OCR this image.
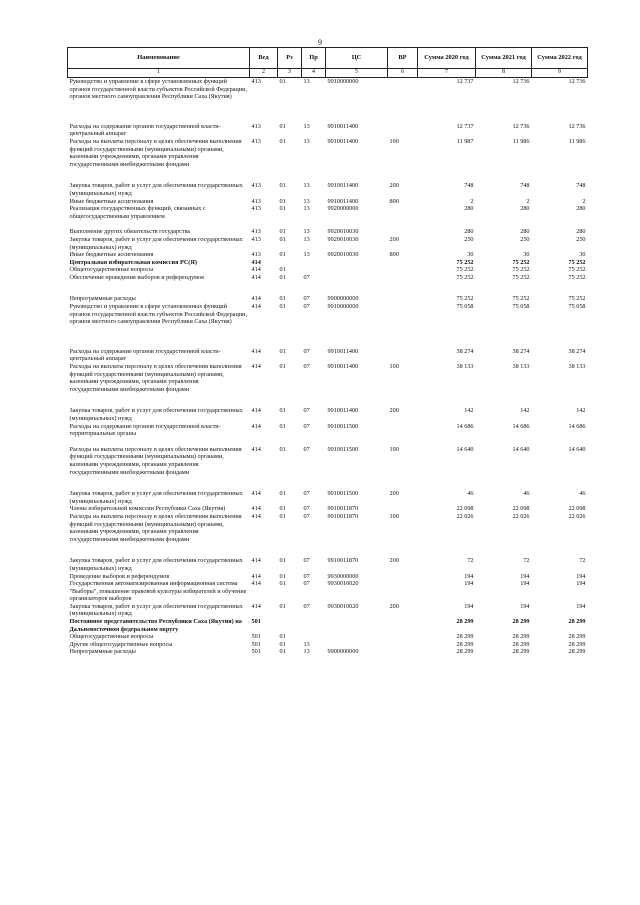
9
Наименование	Вед	Рз	Пр	ЦС	ВР	Сумма 2020 год	Сумма 2021 год	Сумма 2022 год
1	2	3	4	5	6	7	8	9
Руководство и управление в сфере установленных функций органов государственной власти субъектов Российской Федерации, органов местного самоуправления Республики Саха (Якутия)	413	01	13	9910000000		12 737	12 736	12 736

Расходы на содержание органов государственной власти- центральный аппарат	413	01	13	9910011400		12 737	12 736	12 736
Расходы на выплаты персоналу в целях обеспечения выполнения функций государственными (муниципальными) органами, казенными учреждениями, органами управления государственными внебюджетными фондами	413	01	13	9910011400	100	11 987	11 986	11 986

Закупка товаров, работ и услуг для обеспечения государственных (муниципальных) нужд	413	01	13	9910011400	200	748	748	748
Иные бюджетные ассигнования	413	01	13	9910011400	800	2	2	2
Реализация государственных функций, связанных с общегосударственным управлением	413	01	13	9920000000		280	280	280

Выполнение других обязательств государства	413	01	13	9920010030		280	280	280
Закупка товаров, работ и услуг для обеспечения государственных (муниципальных) нужд	413	01	13	9920010030	200	250	250	250
Иные бюджетные ассигнования	413	01	13	9920010030	800	30	30	30
Центральная избирательная комиссия РС(Я)	414					75 252	75 252	75 252
Общегосударственные вопросы	414	01				75 252	75 252	75 252
Обеспечение проведения выборов и референдумов	414	01	07			75 252	75 252	75 252

Непрограммные расходы	414	01	07	9900000000		75 252	75 252	75 252
Руководство и управление в сфере установленных функций органов государственной власти субъектов Российской Федерации, органов местного самоуправления Республики Саха (Якутия)	414	01	07	9910000000		75 058	75 058	75 058

Расходы на содержание органов государственной власти- центральный аппарат	414	01	07	9910011400		38 274	38 274	38 274
Расходы на выплаты персоналу в целях обеспечения выполнения функций государственными (муниципальными) органами, казенными учреждениями, органами управления государственными внебюджетными фондами	414	01	07	9910011400	100	38 133	38 133	38 133

Закупка товаров, работ и услуг для обеспечения государственных (муниципальных) нужд	414	01	07	9910011400	200	142	142	142
Расходы на содержание органов государственной власти- территориальные органы	414	01	07	9910011500		14 686	14 686	14 686

Расходы на выплаты персоналу в целях обеспечения выполнения функций государственными (муниципальными) органами, казенными учреждениями, органами управления государственными внебюджетными фондами	414	01	07	9910011500	100	14 640	14 640	14 640

Закупка товаров, работ и услуг для обеспечения государственных (муниципальных) нужд	414	01	07	9910011500	200	46	46	46
Члены избирательной комиссии Республики Саха (Якутия)	414	01	07	9910011870		22 098	22 098	22 098
Расходы на выплаты персоналу в целях обеспечения выполнения функций государственными (муниципальными) органами, казенными учреждениями, органами управления государственными внебюджетными фондами	414	01	07	9910011870	100	22 026	22 026	22 026

Закупка товаров, работ и услуг для обеспечения государственных (муниципальных) нужд	414	01	07	9910011870	200	72	72	72
Проведение выборов и референдумов	414	01	07	9930000000		194	194	194
Государственная автоматизированная информационная система "Выборы", повышение правовой культуры избирателей и обучение организаторов выборов	414	01	07	9930010020		194	194	194
Закупка товаров, работ и услуг для обеспечения государственных (муниципальных) нужд	414	01	07	9930010020	200	194	194	194
Постоянное представительство Республики Саха (Якутия) на Дальневосточном федеральном округу	501					28 299	28 299	28 299
Общегосударственные вопросы	501	01				28 299	28 299	28 299
Другие общегосударственные вопросы	501	01	13			28 299	28 299	28 299
Непрограммные расходы	501	01	13	9900000000		28 299	28 299	28 299
